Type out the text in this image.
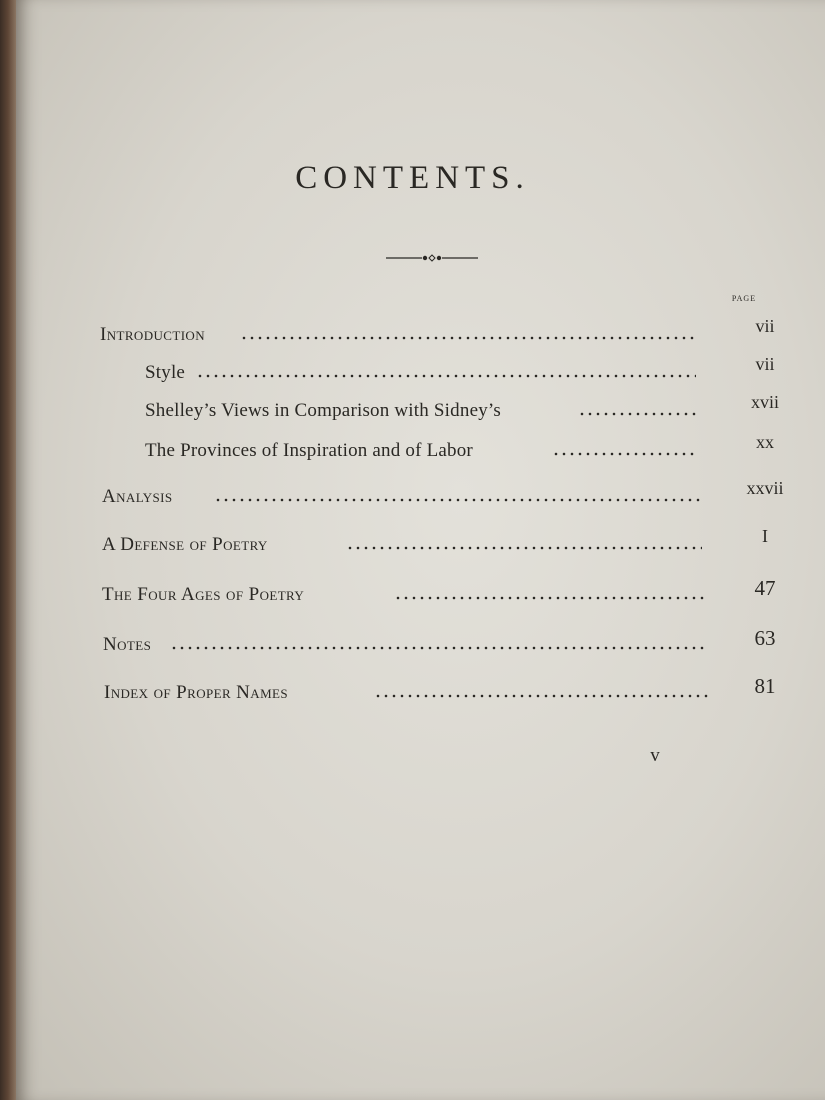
CONTENTS.
page
Introduction	vii
Style	vii
Shelley’s Views in Comparison with Sidney’s	xvii
The Provinces of Inspiration and of Labor	xx
Analysis	xxvii
A Defense of Poetry	I
The Four Ages of Poetry	47
Notes	63
Index of Proper Names	81
v
